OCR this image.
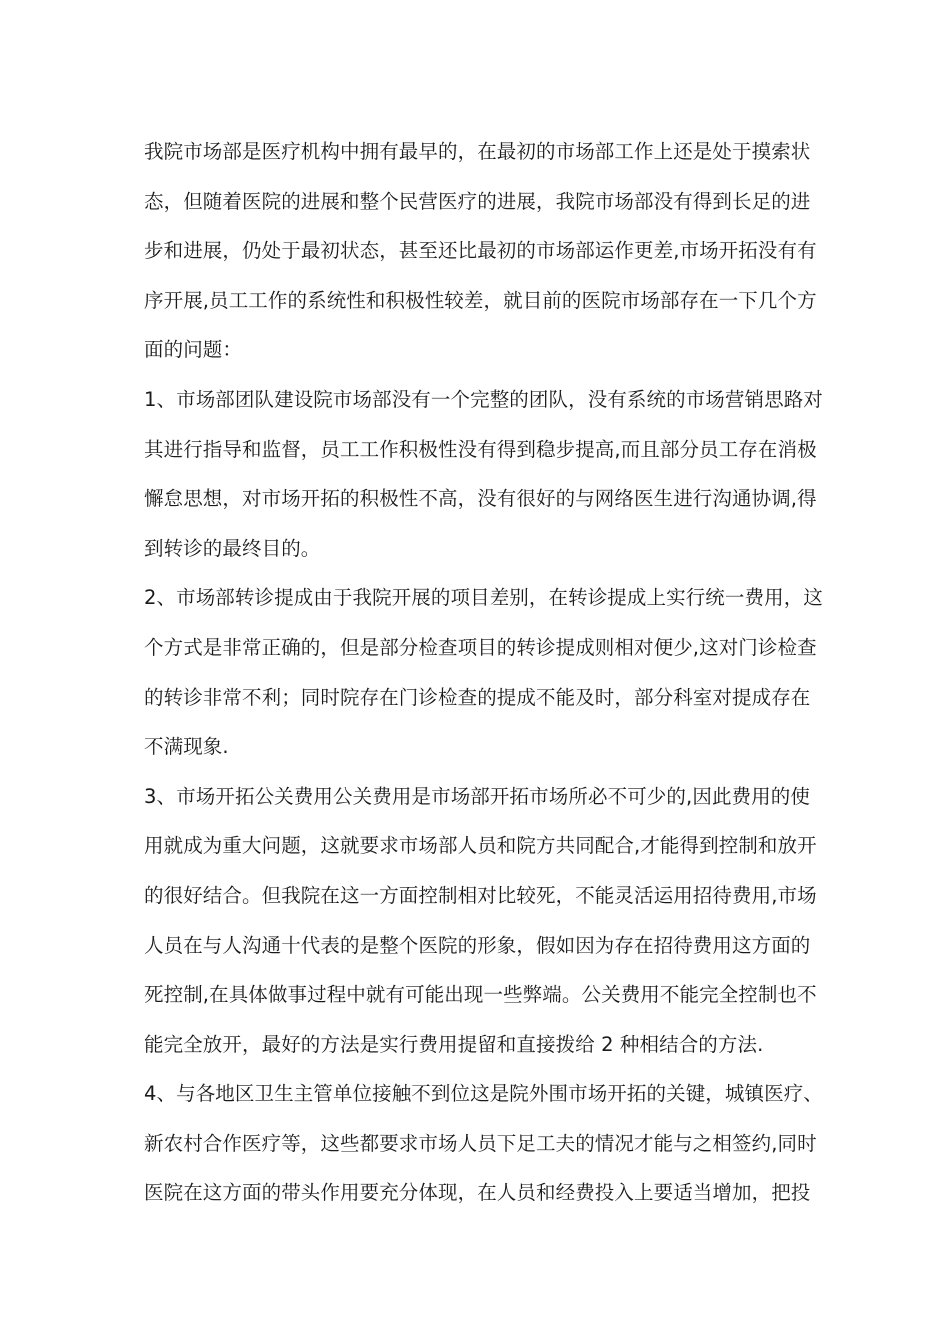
我院市场部是医疗机构中拥有最早的，在最初的市场部工作上还是处于摸索状
态，但随着医院的进展和整个民营医疗的进展，我院市场部没有得到长足的进
步和进展，仍处于最初状态，甚至还比最初的市场部运作更差,市场开拓没有有
序开展,员工工作的系统性和积极性较差，就目前的医院市场部存在一下几个方
面的问题：
1、市场部团队建设院市场部没有一个完整的团队，没有系统的市场营销思路对
其进行指导和监督，员工工作积极性没有得到稳步提高,而且部分员工存在消极
懈怠思想，对市场开拓的积极性不高，没有很好的与网络医生进行沟通协调,得
到转诊的最终目的。
2、市场部转诊提成由于我院开展的项目差别，在转诊提成上实行统一费用，这
个方式是非常正确的，但是部分检查项目的转诊提成则相对便少,这对门诊检查
的转诊非常不利；同时院存在门诊检查的提成不能及时，部分科室对提成存在
不满现象.
3、市场开拓公关费用公关费用是市场部开拓市场所必不可少的,因此费用的使
用就成为重大问题，这就要求市场部人员和院方共同配合,才能得到控制和放开
的很好结合。但我院在这一方面控制相对比较死，不能灵活运用招待费用,市场
人员在与人沟通十代表的是整个医院的形象，假如因为存在招待费用这方面的
死控制,在具体做事过程中就有可能出现一些弊端。公关费用不能完全控制也不
能完全放开，最好的方法是实行费用提留和直接拨给 2 种相结合的方法.
4、与各地区卫生主管单位接触不到位这是院外围市场开拓的关键，城镇医疗、
新农村合作医疗等，这些都要求市场人员下足工夫的情况才能与之相签约,同时
医院在这方面的带头作用要充分体现，在人员和经费投入上要适当增加，把投
